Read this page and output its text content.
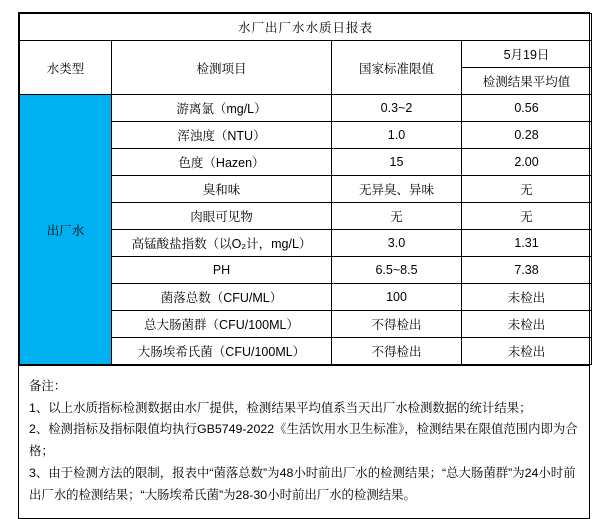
水厂出厂水水质日报表			
水类型	检测项目	国家标准限值	5月19日
			检测结果平均值
出厂水	游离氯（mg/L）	0.3~2	0.56
	浑浊度（NTU）	1.0	0.28
	色度（Hazen）	15	2.00
	臭和味	无异臭、异味	无
	肉眼可见物	无	无
	高锰酸盐指数（以O₂计，mg/L）	3.0	1.31
	PH	6.5~8.5	7.38
	菌落总数（CFU/ML）	100	未检出
	总大肠菌群（CFU/100ML）	不得检出	未检出
	大肠埃希氏菌（CFU/100ML）	不得检出	未检出
备注：
1、以上水质指标检测数据由水厂提供，检测结果平均值系当天出厂水检测数据的统计结果；
2、检测指标及指标限值均执行GB5749-2022《生活饮用水卫生标准》，检测结果在限值范围内即为合格；
3、由于检测方法的限制，报表中“菌落总数”为48小时前出厂水的检测结果；“总大肠菌群”为24小时前出厂水的检测结果；“大肠埃希氏菌”为28-30小时前出厂水的检测结果。
